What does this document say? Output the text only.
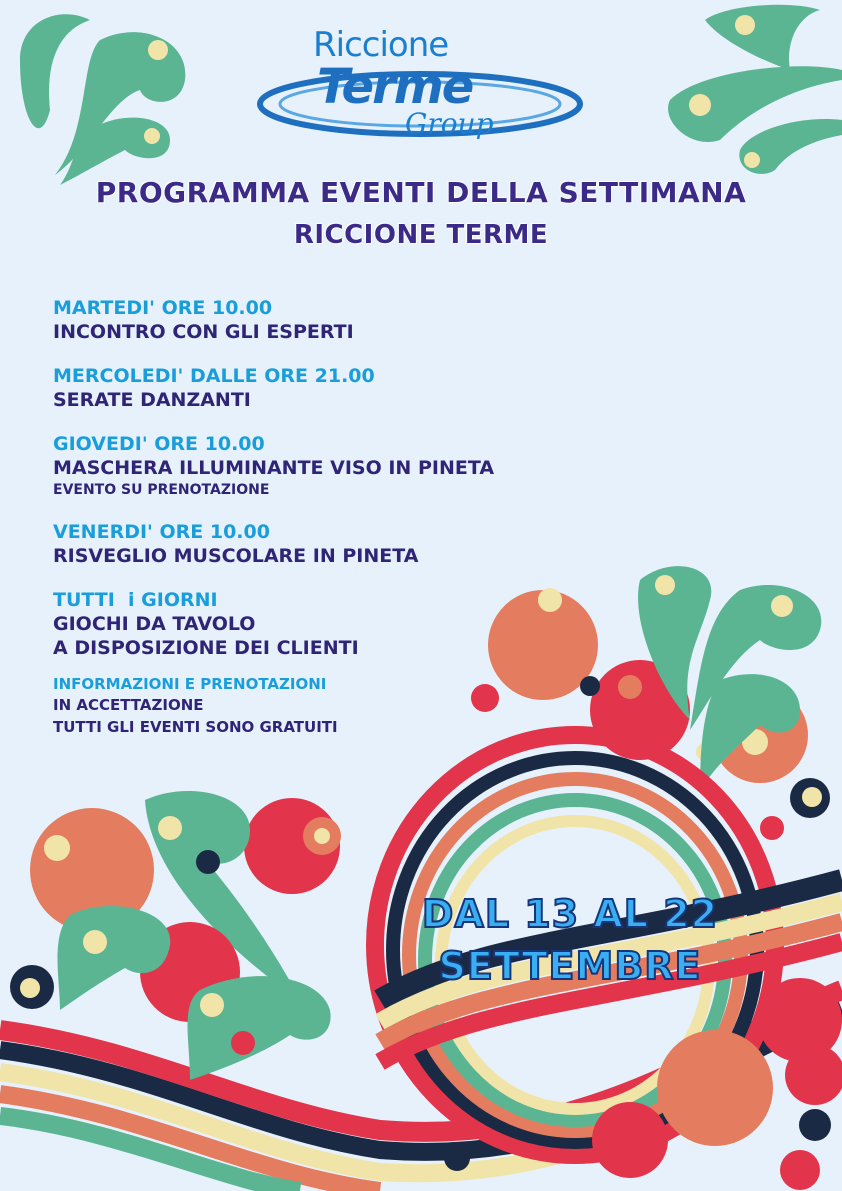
Riccione
Terme
Group
PROGRAMMA EVENTI DELLA SETTIMANA
RICCIONE TERME
MARTEDI' ORE 10.00
INCONTRO CON GLI ESPERTI
MERCOLEDI' DALLE ORE 21.00
SERATE DANZANTI
GIOVEDI' ORE 10.00
MASCHERA ILLUMINANTE VISO IN PINETA
EVENTO SU PRENOTAZIONE
VENERDI' ORE 10.00
RISVEGLIO MUSCOLARE IN PINETA
TUTTI  i GIORNI
GIOCHI DA TAVOLO
A DISPOSIZIONE DEI CLIENTI
INFORMAZIONI E PRENOTAZIONI
IN ACCETTAZIONE
TUTTI GLI EVENTI SONO GRATUITI
DAL 13 AL 22
SETTEMBRE
